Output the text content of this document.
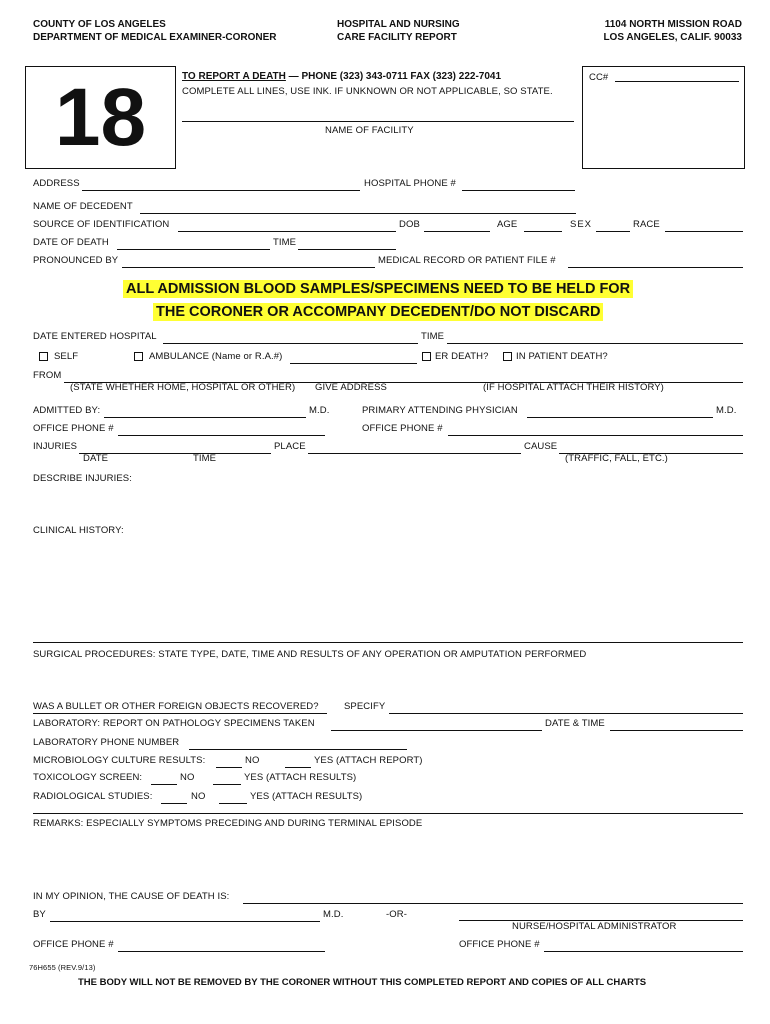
COUNTY OF LOS ANGELES
DEPARTMENT OF MEDICAL EXAMINER-CORONER
HOSPITAL AND NURSING
CARE FACILITY REPORT
1104 NORTH MISSION ROAD
LOS ANGELES, CALIF. 90033
18	CC#
TO REPORT A DEATH — PHONE (323) 343-0711 FAX (323) 222-7041
COMPLETE ALL LINES, USE INK. IF UNKNOWN OR NOT APPLICABLE, SO STATE.
NAME OF FACILITY
ADDRESS	HOSPITAL PHONE #
NAME OF DECEDENT
SOURCE OF IDENTIFICATION	DOB	AGE	SEX	RACE
DATE OF DEATH	TIME
PRONOUNCED BY	MEDICAL RECORD OR PATIENT FILE #
ALL ADMISSION BLOOD SAMPLES/SPECIMENS NEED TO BE HELD FOR
THE CORONER OR ACCOMPANY DECEDENT/DO NOT DISCARD
DATE ENTERED HOSPITAL	TIME
SELF	AMBULANCE (Name or R.A.#)	ER DEATH?	IN PATIENT DEATH?
FROM
(STATE WHETHER HOME, HOSPITAL OR OTHER) GIVE ADDRESS	(IF HOSPITAL ATTACH THEIR HISTORY)
ADMITTED BY:	M.D.	PRIMARY ATTENDING PHYSICIAN	M.D.
OFFICE PHONE #	OFFICE PHONE #
INJURIES	PLACE	CAUSE
DATE	TIME	(TRAFFIC, FALL, ETC.)
DESCRIBE INJURIES:
CLINICAL HISTORY:
SURGICAL PROCEDURES: STATE TYPE, DATE, TIME AND RESULTS OF ANY OPERATION OR AMPUTATION PERFORMED
WAS A BULLET OR OTHER FOREIGN OBJECTS RECOVERED?	SPECIFY
LABORATORY: REPORT ON PATHOLOGY SPECIMENS TAKEN	DATE & TIME
LABORATORY PHONE NUMBER
MICROBIOLOGY CULTURE RESULTS:	NO	YES (ATTACH REPORT)
TOXICOLOGY SCREEN:	NO	YES (ATTACH RESULTS)
RADIOLOGICAL STUDIES:	NO	YES (ATTACH RESULTS)
REMARKS: ESPECIALLY SYMPTOMS PRECEDING AND DURING TERMINAL EPISODE
IN MY OPINION, THE CAUSE OF DEATH IS:
BY	M.D.	-OR-
NURSE/HOSPITAL ADMINISTRATOR
OFFICE PHONE #	OFFICE PHONE #
76H655 (REV.9/13)
THE BODY WILL NOT BE REMOVED BY THE CORONER WITHOUT THIS COMPLETED REPORT AND COPIES OF ALL CHARTS
